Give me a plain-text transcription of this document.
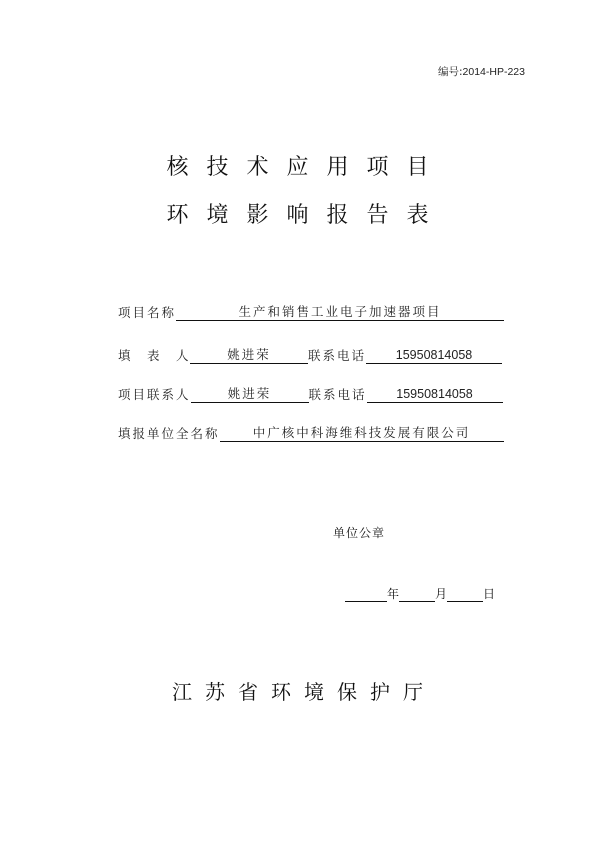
编号:2014-HP-223
核技术应用项目
环境影响报告表
项目名称	生产和销售工业电子加速器项目
填　表　人	姚进荣	联系电话 15950814058
项目联系人	姚进荣	联系电话 15950814058
填报单位全名称	中广核中科海维科技发展有限公司
单位公章
年	月	日
江苏省环境保护厅
